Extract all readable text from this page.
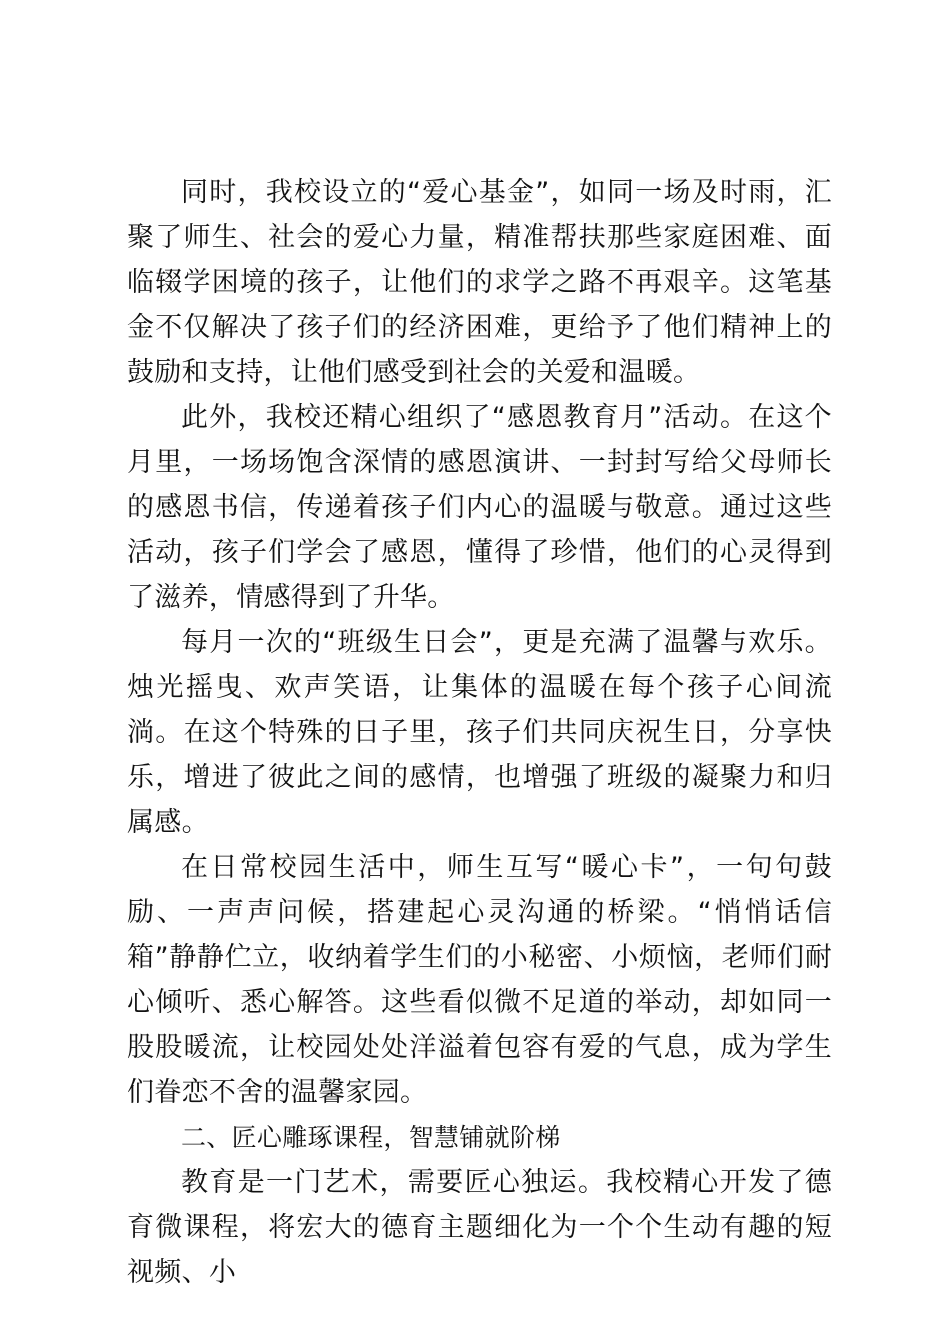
同时，我校设立的“爱心基金”，如同一场及时雨，汇聚了师生、社会的爱心力量，精准帮扶那些家庭困难、面临辍学困境的孩子，让他们的求学之路不再艰辛。这笔基金不仅解决了孩子们的经济困难，更给予了他们精神上的鼓励和支持，让他们感受到社会的关爱和温暖。

此外，我校还精心组织了“感恩教育月”活动。在这个月里，一场场饱含深情的感恩演讲、一封封写给父母师长的感恩书信，传递着孩子们内心的温暖与敬意。通过这些活动，孩子们学会了感恩，懂得了珍惜，他们的心灵得到了滋养，情感得到了升华。

每月一次的“班级生日会”，更是充满了温馨与欢乐。烛光摇曳、欢声笑语，让集体的温暖在每个孩子心间流淌。在这个特殊的日子里，孩子们共同庆祝生日，分享快乐，增进了彼此之间的感情，也增强了班级的凝聚力和归属感。

在日常校园生活中，师生互写“暖心卡”，一句句鼓励、一声声问候，搭建起心灵沟通的桥梁。“悄悄话信箱”静静伫立，收纳着学生们的小秘密、小烦恼，老师们耐心倾听、悉心解答。这些看似微不足道的举动，却如同一股股暖流，让校园处处洋溢着包容有爱的气息，成为学生们眷恋不舍的温馨家园。

二、匠心雕琢课程，智慧铺就阶梯

教育是一门艺术，需要匠心独运。我校精心开发了德育微课程，将宏大的德育主题细化为一个个生动有趣的短视频、小
